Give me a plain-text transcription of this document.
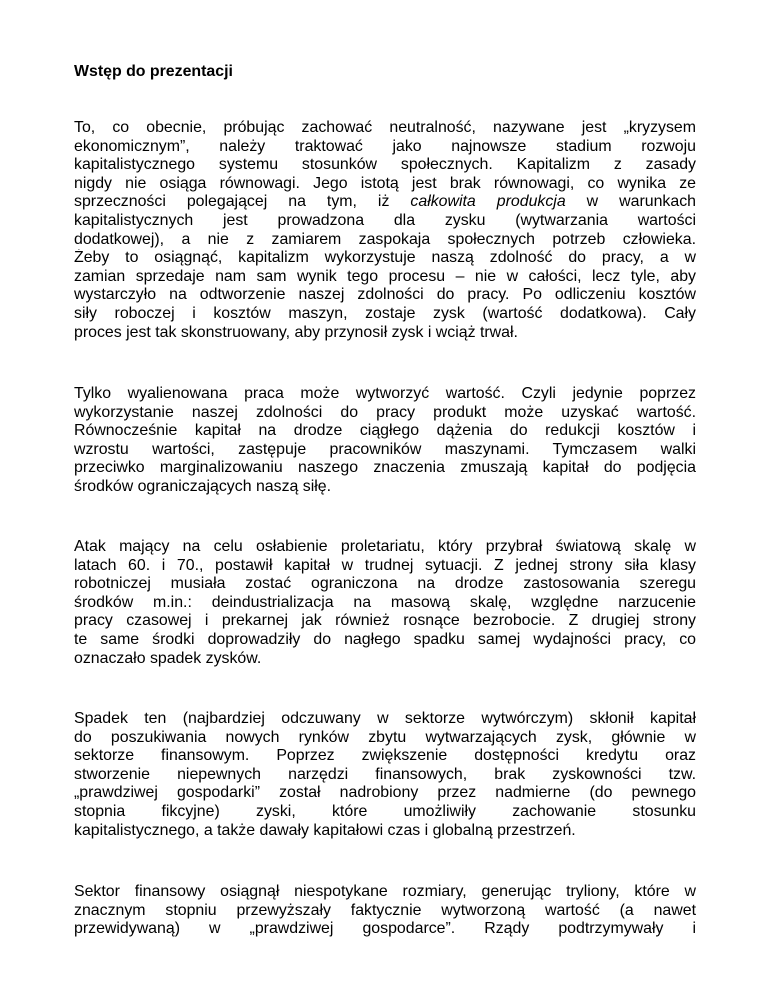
Wstęp do prezentacji

To, co obecnie, próbując zachować neutralność, nazywane jest „kryzysem
ekonomicznym”, należy traktować jako najnowsze stadium rozwoju
kapitalistycznego systemu stosunków społecznych. Kapitalizm z zasady
nigdy nie osiąga równowagi. Jego istotą jest brak równowagi, co wynika ze
sprzeczności polegającej na tym, iż całkowita produkcja w warunkach
kapitalistycznych jest prowadzona dla zysku (wytwarzania wartości
dodatkowej), a nie z zamiarem zaspokaja społecznych potrzeb człowieka.
Żeby to osiągnąć, kapitalizm wykorzystuje naszą zdolność do pracy, a w
zamian sprzedaje nam sam wynik tego procesu – nie w całości, lecz tyle, aby
wystarczyło na odtworzenie naszej zdolności do pracy. Po odliczeniu kosztów
siły roboczej i kosztów maszyn, zostaje zysk (wartość dodatkowa). Cały
proces jest tak skonstruowany, aby przynosił zysk i wciąż trwał.
Tylko wyalienowana praca może wytworzyć wartość. Czyli jedynie poprzez
wykorzystanie naszej zdolności do pracy produkt może uzyskać wartość.
Równocześnie kapitał na drodze ciągłego dążenia do redukcji kosztów i
wzrostu wartości, zastępuje pracowników maszynami. Tymczasem walki
przeciwko marginalizowaniu naszego znaczenia zmuszają kapitał do podjęcia
środków ograniczających naszą siłę.
Atak mający na celu osłabienie proletariatu, który przybrał światową skalę w
latach 60. i 70., postawił kapitał w trudnej sytuacji. Z jednej strony siła klasy
robotniczej musiała zostać ograniczona na drodze zastosowania szeregu
środków m.in.: deindustrializacja na masową skalę, względne narzucenie
pracy czasowej i prekarnej jak również rosnące bezrobocie. Z drugiej strony
te same środki doprowadziły do nagłego spadku samej wydajności pracy, co
oznaczało spadek zysków.
Spadek ten (najbardziej odczuwany w sektorze wytwórczym) skłonił kapitał
do poszukiwania nowych rynków zbytu wytwarzających zysk, głównie w
sektorze finansowym. Poprzez zwiększenie dostępności kredytu oraz
stworzenie niepewnych narzędzi finansowych, brak zyskowności tzw.
„prawdziwej gospodarki” został nadrobiony przez nadmierne (do pewnego
stopnia fikcyjne) zyski, które umożliwiły zachowanie stosunku
kapitalistycznego, a także dawały kapitałowi czas i globalną przestrzeń.
Sektor finansowy osiągnął niespotykane rozmiary, generując tryliony, które w
znacznym stopniu przewyższały faktycznie wytworzoną wartość (a nawet
przewidywaną) w „prawdziwej gospodarce”. Rządy podtrzymywały i
